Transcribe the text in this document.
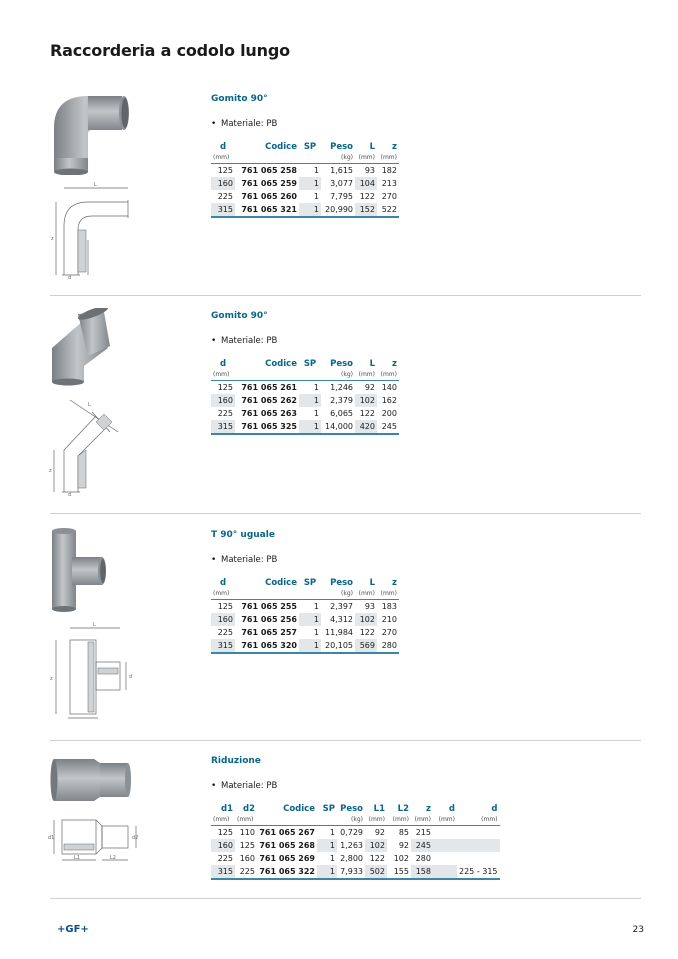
Raccorderia a codolo lungo
z
L
d
Gomito 90°
• Materiale: PB
d	Codice	SP	Peso	L	z
(mm)			(kg)	(mm)	(mm)
125	761 065 258	1	1,615	93	182
160	761 065 259	1	3,077	104	213
225	761 065 260	1	7,795	122	270
315	761 065 321	1	20,990	152	522
L
z
d
Gomito 90°
• Materiale: PB
d	Codice	SP	Peso	L	z
(mm)			(kg)	(mm)	(mm)
125	761 065 261	1	1,246	92	140
160	761 065 262	1	2,379	102	162
225	761 065 263	1	6,065	122	200
315	761 065 325	1	14,000	420	245
z
L
d
T 90° uguale
• Materiale: PB
d	Codice	SP	Peso	L	z
(mm)			(kg)	(mm)	(mm)
125	761 065 255	1	2,397	93	183
160	761 065 256	1	4,312	102	210
225	761 065 257	1	11,984	122	270
315	761 065 320	1	20,105	569	280
d1
L1	L2
d2
Riduzione
• Materiale: PB
d1	d2	Codice	SP	Peso	L1	L2	z	d	d
(mm)	(mm)			(kg)	(mm)	(mm)	(mm)	(mm)	(mm)
125	110	761 065 267	1	0,729	92	85	215		
160	125	761 065 268	1	1,263	102	92	245		
225	160	761 065 269	1	2,800	122	102	280		
315	225	761 065 322	1	7,933	502	155	158		225 - 315
+GF+	23
